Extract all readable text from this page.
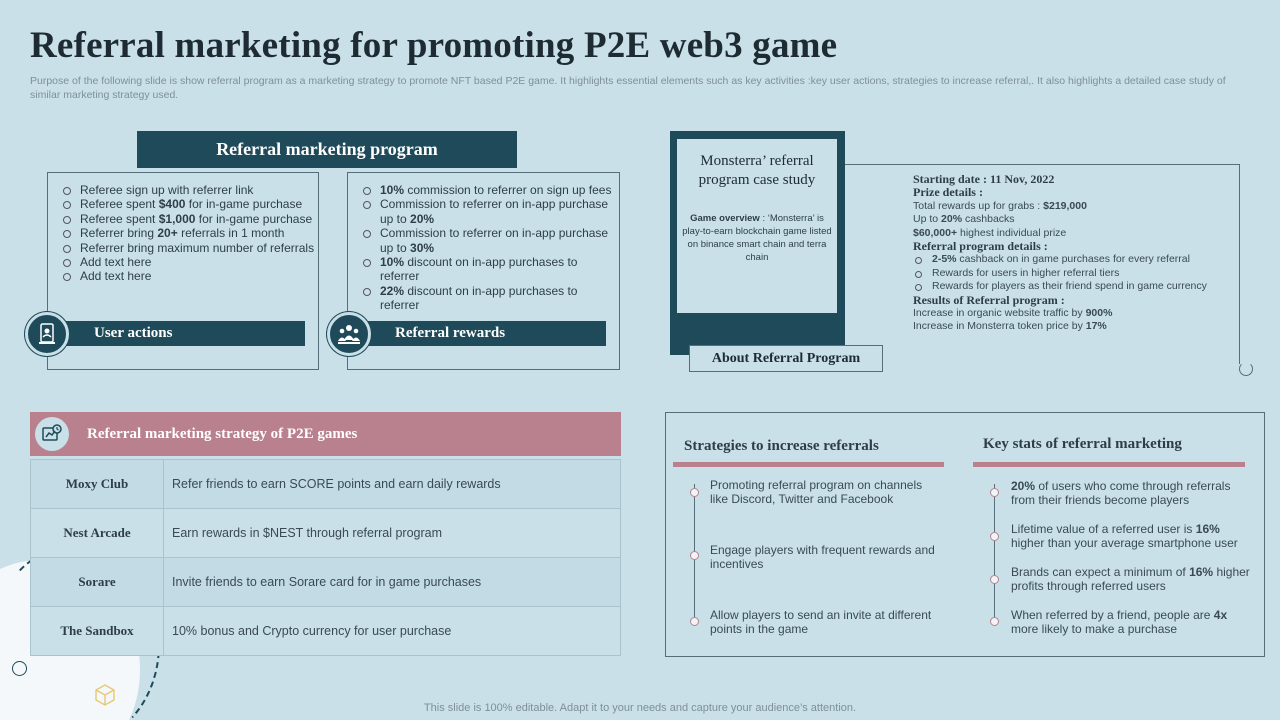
Referral marketing for promoting P2E web3 game

Purpose of the following slide is show referral program as a marketing strategy to promote NFT based P2E game. It highlights essential elements such as key activities :key user actions, strategies to increase referral,. It also highlights a detailed case study of similar marketing strategy used.

Referral marketing program
Referee sign up with referrer link
Referee spent $400 for in-game purchase
Referee spent $1,000 for in-game purchase
Referrer bring 20+ referrals in 1 month
Referrer bring maximum number of referrals
Add text here
Add text here
User actions
10% commission to referrer on sign up fees
Commission to referrer on in-app purchase up to 20%
Commission to referrer on in-app purchase up to 30%
10% discount on in-app purchases to referrer
22% discount on in-app purchases to referrer
Referral rewards
Monsterra’ referral program case study
Game overview : ‘Monsterra’ is play-to-earn blockchain game listed on binance smart chain and terra chain
About Referral Program
Starting date : 11 Nov, 2022
Prize details :
Total rewards up for grabs : $219,000
Up to 20% cashbacks
$60,000+ highest individual prize
Referral program details :
2-5% cashback on in game purchases for every referral
Rewards for users in higher referral tiers
Rewards for players as their friend spend in game currency
Results of Referral program :
Increase in organic website traffic by 900%
Increase in Monsterra token price by 17%
Referral marketing strategy of P2E games
Moxy Club	Refer friends to earn SCORE points and earn daily rewards
Nest Arcade	Earn rewards in $NEST through referral program
Sorare	Invite friends to earn Sorare card for in game purchases
The Sandbox	10% bonus and Crypto currency for user purchase
Strategies to increase referrals	Key stats of referral marketing
Promoting referral program on channels like Discord, Twitter and Facebook
Engage players with frequent rewards and incentives
Allow players to send an invite at different points in the game
20% of users who come through referrals from their friends become players
Lifetime value of a referred user is 16% higher than your average smartphone user
Brands can expect a minimum of 16% higher profits through referred users
When referred by a friend, people are 4x more likely to make a purchase
This slide is 100% editable. Adapt it to your needs and capture your audience’s attention.
